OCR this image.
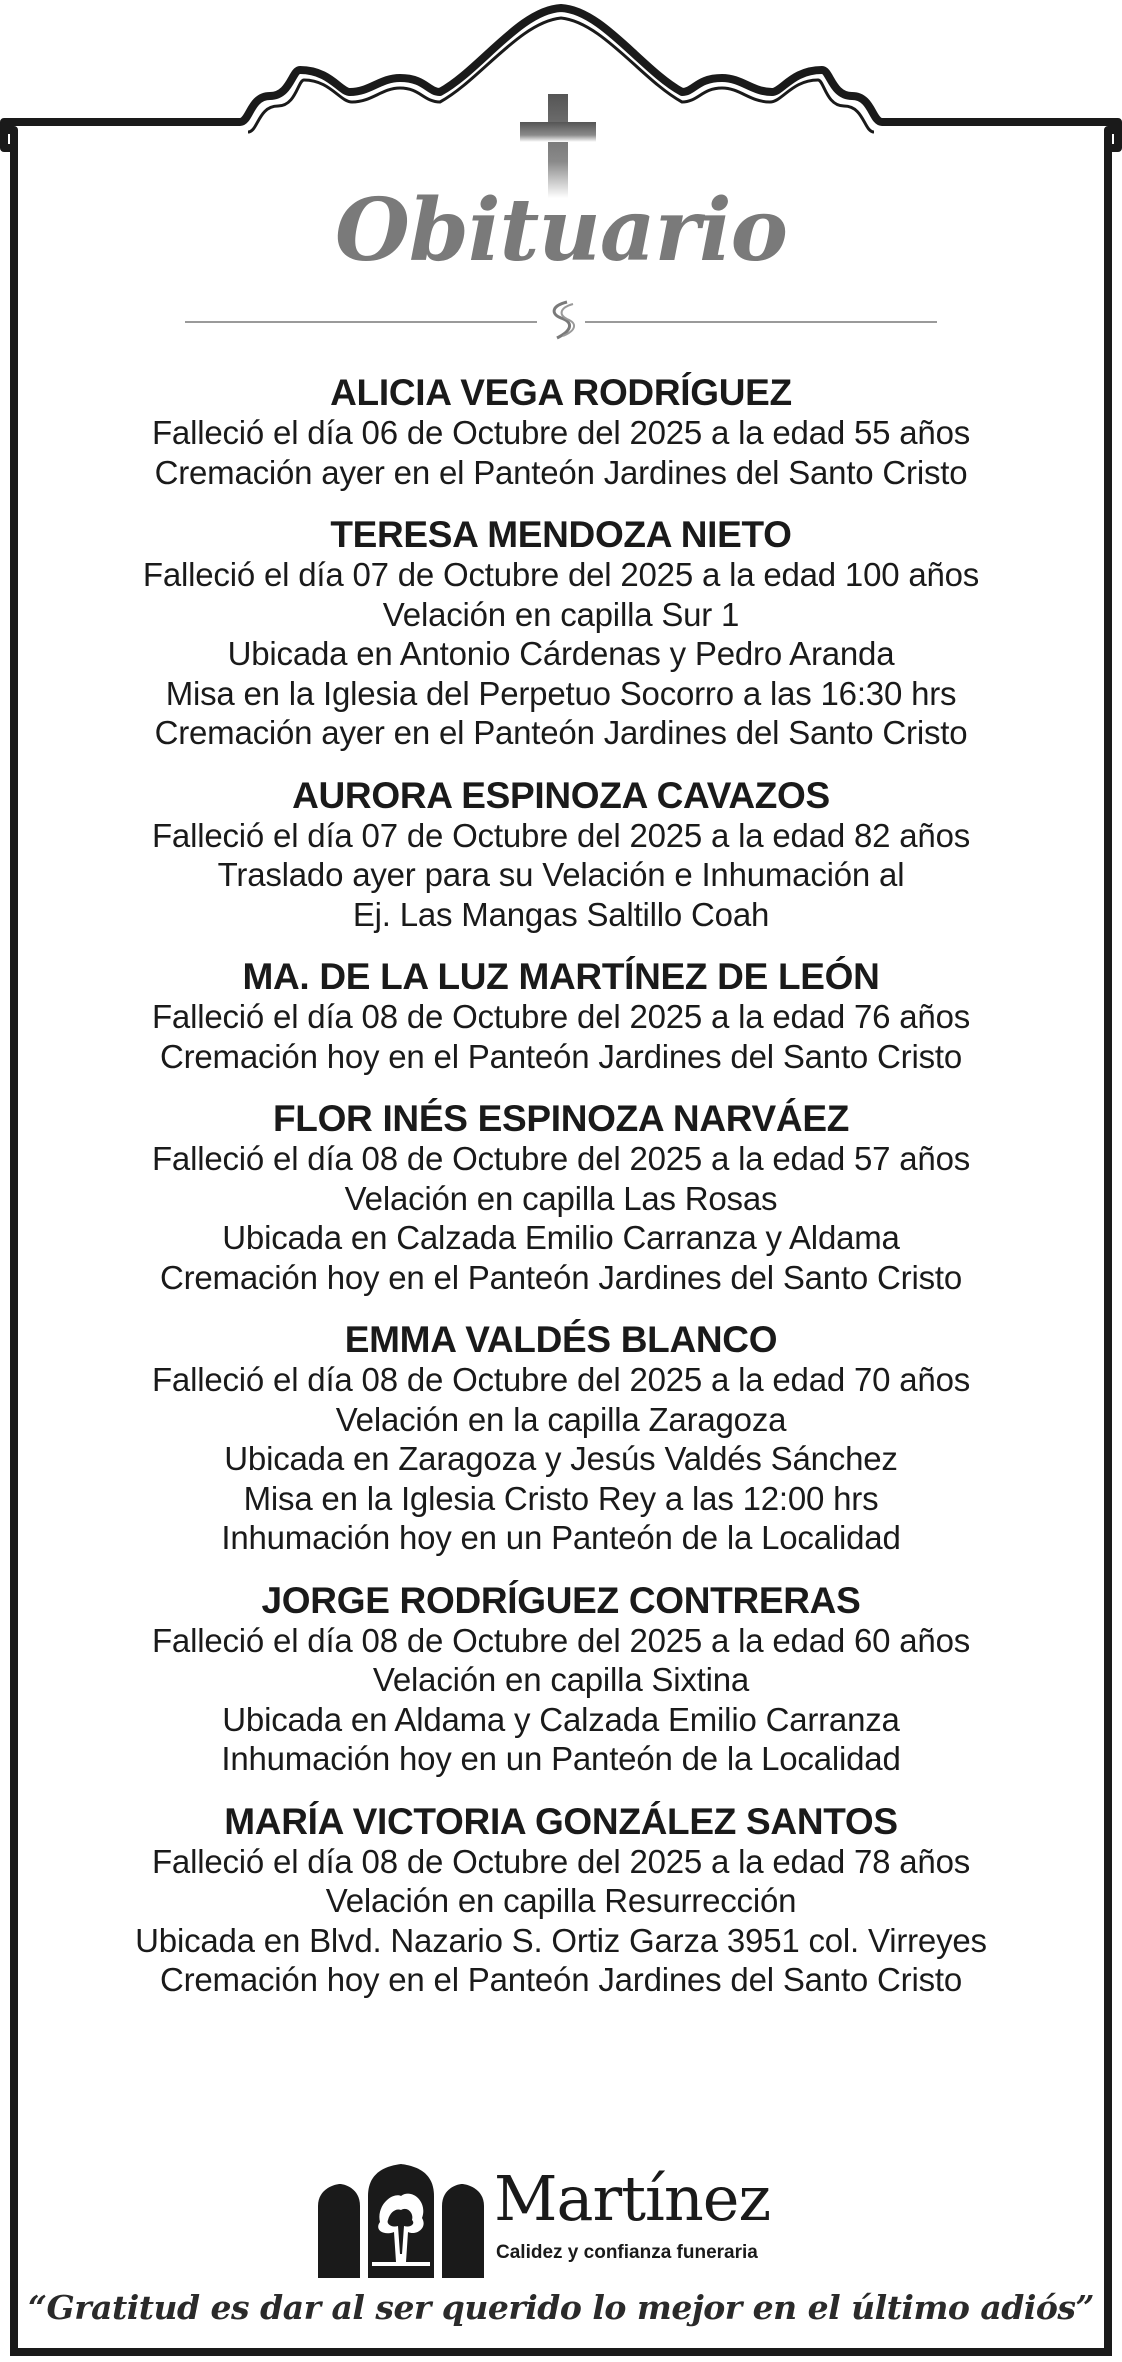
Obituario
ALICIA VEGA RODRÍGUEZ
Falleció el día 06 de Octubre del 2025 a la edad 55 años
Cremación ayer en el Panteón Jardines del Santo Cristo
TERESA MENDOZA NIETO
Falleció el día 07 de Octubre del 2025 a la edad 100 años
Velación en capilla Sur 1
Ubicada en Antonio Cárdenas y Pedro Aranda
Misa en la Iglesia del Perpetuo Socorro a las 16:30 hrs
Cremación ayer en el Panteón Jardines del Santo Cristo
AURORA ESPINOZA CAVAZOS
Falleció el día 07 de Octubre del 2025 a la edad 82 años
Traslado ayer para su Velación e Inhumación al
Ej. Las Mangas Saltillo Coah
MA. DE LA LUZ MARTÍNEZ DE LEÓN
Falleció el día 08 de Octubre del 2025 a la edad 76 años
Cremación hoy en el Panteón Jardines del Santo Cristo
FLOR INÉS ESPINOZA NARVÁEZ
Falleció el día 08 de Octubre del 2025 a la edad 57 años
Velación en capilla Las Rosas
Ubicada en Calzada Emilio Carranza y Aldama
Cremación hoy en el Panteón Jardines del Santo Cristo
EMMA VALDÉS BLANCO
Falleció el día 08 de Octubre del 2025 a la edad 70 años
Velación en la capilla Zaragoza
Ubicada en Zaragoza y Jesús Valdés Sánchez
Misa en la Iglesia Cristo Rey a las 12:00 hrs
Inhumación hoy en un Panteón de la Localidad
JORGE RODRÍGUEZ CONTRERAS
Falleció el día 08 de Octubre del 2025 a la edad 60 años
Velación en capilla Sixtina
Ubicada en Aldama y Calzada Emilio Carranza
Inhumación hoy en un Panteón de la Localidad
MARÍA VICTORIA GONZÁLEZ SANTOS
Falleció el día 08 de Octubre del 2025 a la edad 78 años
Velación en capilla Resurrección
Ubicada en Blvd. Nazario S. Ortiz Garza 3951 col. Virreyes
Cremación hoy en el Panteón Jardines del Santo Cristo
Martínez
Calidez y confianza funeraria
“Gratitud es dar al ser querido lo mejor en el último adiós”
